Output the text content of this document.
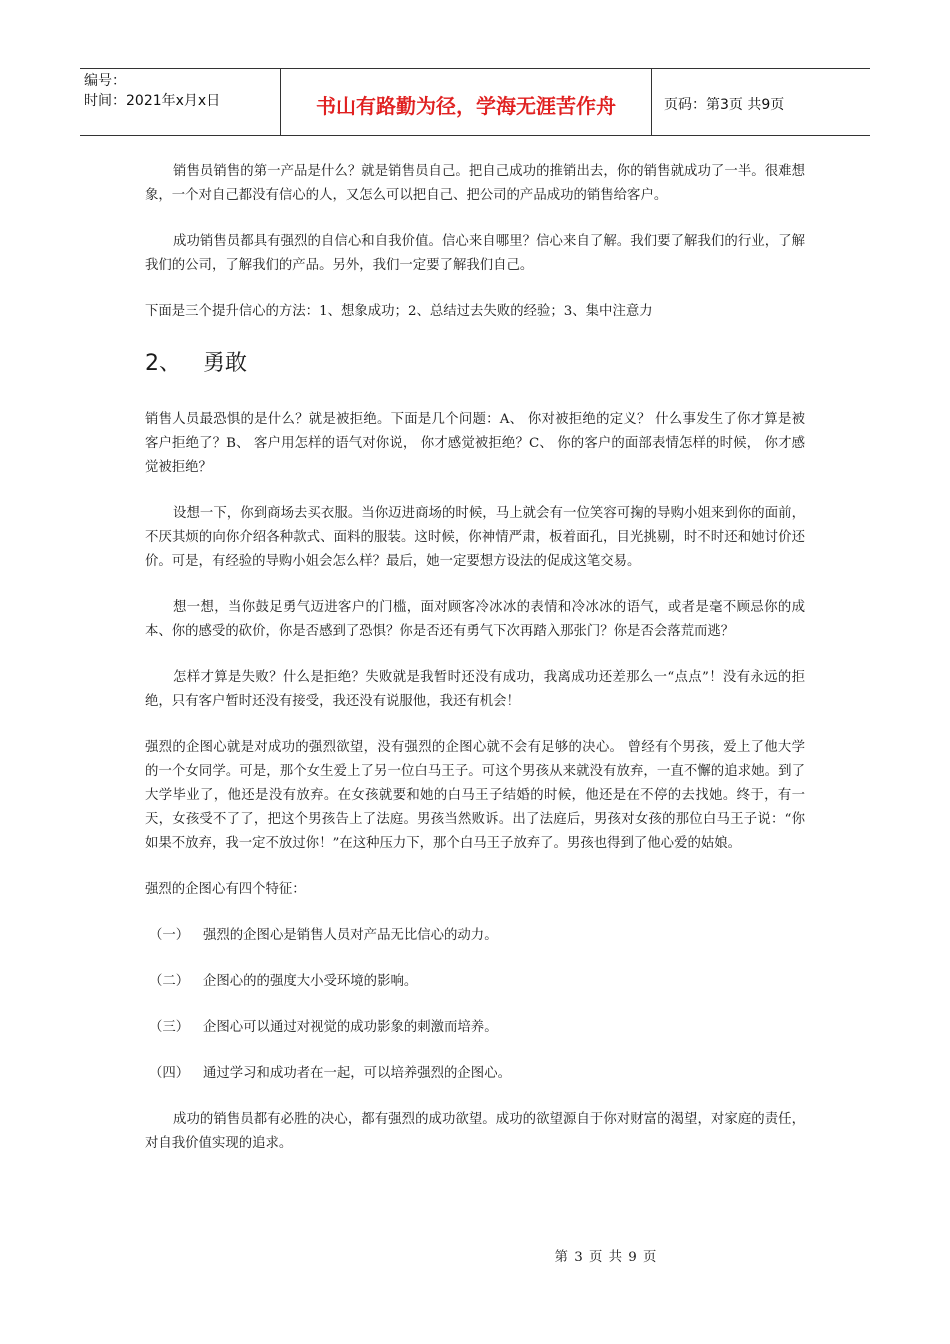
编号：
时间：2021年x月x日	书山有路勤为径，学海无涯苦作舟	页码：第3页 共9页

销售员销售的第一产品是什么？就是销售员自己。把自己成功的推销出去，你的销售就成功了一半。很难想象，一个对自己都没有信心的人，又怎么可以把自己、把公司的产品成功的销售给客户。

成功销售员都具有强烈的自信心和自我价值。信心来自哪里？信心来自了解。我们要了解我们的行业，了解我们的公司，了解我们的产品。另外，我们一定要了解我们自己。

下面是三个提升信心的方法：1、想象成功；2、总结过去失败的经验；3、集中注意力

2、 勇敢

销售人员最恐惧的是什么？就是被拒绝。下面是几个问题：A、 你对被拒绝的定义？ 什么事发生了你才算是被客户拒绝了？B、 客户用怎样的语气对你说， 你才感觉被拒绝？C、 你的客户的面部表情怎样的时候， 你才感觉被拒绝？

设想一下，你到商场去买衣服。当你迈进商场的时候，马上就会有一位笑容可掬的导购小姐来到你的面前，不厌其烦的向你介绍各种款式、面料的服装。这时候，你神情严肃，板着面孔，目光挑剔，时不时还和她讨价还价。可是，有经验的导购小姐会怎么样？最后，她一定要想方设法的促成这笔交易。

想一想，当你鼓足勇气迈进客户的门槛，面对顾客冷冰冰的表情和冷冰冰的语气，或者是毫不顾忌你的成本、你的感受的砍价，你是否感到了恐惧？你是否还有勇气下次再踏入那张门？你是否会落荒而逃？

怎样才算是失败？什么是拒绝？失败就是我暂时还没有成功，我离成功还差那么一“点点”！没有永远的拒绝，只有客户暂时还没有接受，我还没有说服他，我还有机会！

强烈的企图心就是对成功的强烈欲望，没有强烈的企图心就不会有足够的决心。 曾经有个男孩，爱上了他大学的一个女同学。可是，那个女生爱上了另一位白马王子。可这个男孩从来就没有放弃，一直不懈的追求她。到了大学毕业了，他还是没有放弃。在女孩就要和她的白马王子结婚的时候，他还是在不停的去找她。终于，有一天，女孩受不了了，把这个男孩告上了法庭。男孩当然败诉。出了法庭后，男孩对女孩的那位白马王子说：“你如果不放弃，我一定不放过你！”在这种压力下，那个白马王子放弃了。男孩也得到了他心爱的姑娘。

强烈的企图心有四个特征：

（一） 强烈的企图心是销售人员对产品无比信心的动力。
（二） 企图心的的强度大小受环境的影响。
（三） 企图心可以通过对视觉的成功影象的刺激而培养。
（四） 通过学习和成功者在一起，可以培养强烈的企图心。

成功的销售员都有必胜的决心，都有强烈的成功欲望。成功的欲望源自于你对财富的渴望，对家庭的责任，对自我价值实现的追求。

第 3 页 共 9 页
